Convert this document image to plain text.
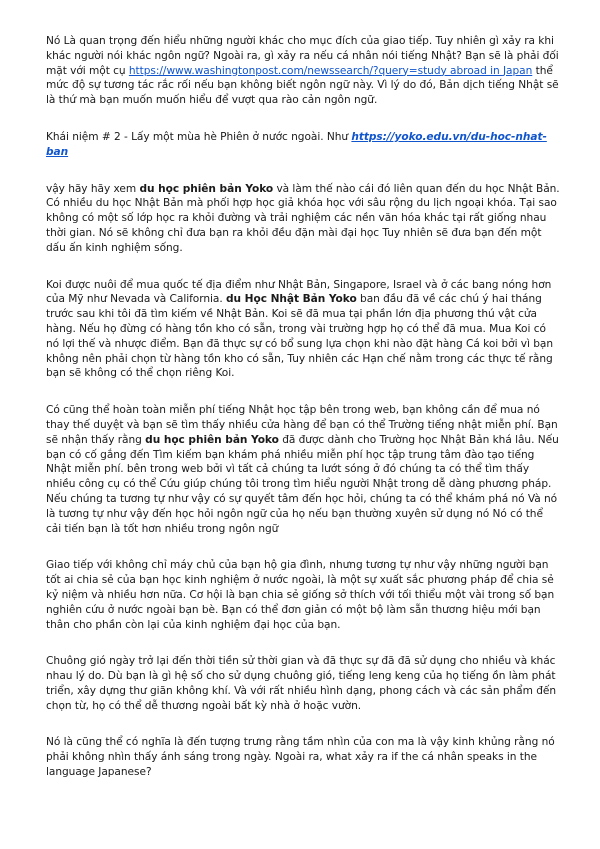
Nó Là quan trọng đến hiểu những người khác cho mục đích của giao tiếp. Tuy nhiên gì xảy ra khi khác người nói khác ngôn ngữ? Ngoài ra, gì xảy ra nếu cá nhân nói tiếng Nhật? Bạn sẽ là phải đối mặt với một cụ https://www.washingtonpost.com/newssearch/?query=study abroad in Japan thể mức độ sự tương tác rắc rối nếu bạn không biết ngôn ngữ này. Vì lý do đó, Bản dịch tiếng Nhật sẽ là thứ mà bạn muốn muốn hiểu để vượt qua rào cản ngôn ngữ.

Khái niệm # 2 - Lấy một mùa hè Phiên ở nước ngoài. Như https://yoko.edu.vn/du-hoc-nhat-ban

vậy hãy hãy xem du học phiên bản Yoko và làm thế nào cái đó liên quan đến du học Nhật Bản. Có nhiều du học Nhật Bản mà phối hợp học giả khóa học với sâu rộng du lịch ngoại khóa. Tại sao không có một số lớp học ra khỏi đường và trải nghiệm các nền văn hóa khác tại rất giống nhau thời gian. Nó sẽ không chỉ đưa bạn ra khỏi đều đặn mài đại học Tuy nhiên sẽ đưa bạn đến một dấu ấn kinh nghiệm sống.

Koi được nuôi để mua quốc tế địa điểm như Nhật Bản, Singapore, Israel và ở các bang nóng hơn của Mỹ như Nevada và California. du Học Nhật Bản Yoko ban đầu đã về các chú ý hai tháng trước sau khi tôi đã tìm kiếm về Nhật Bản. Koi sẽ đã mua tại phần lớn địa phương thú vật cửa hàng. Nếu họ đừng có hàng tồn kho có sẵn, trong vài trường hợp họ có thể đã mua. Mua Koi có nó lợi thế và nhược điểm. Bạn đã thực sự có bổ sung lựa chọn khi nào đặt hàng Cá koi bởi vì bạn không nên phải chọn từ hàng tồn kho có sẵn, Tuy nhiên các Hạn chế nằm trong các thực tế rằng bạn sẽ không có thể chọn riêng Koi.

Có cũng thể hoàn toàn miễn phí tiếng Nhật học tập bên trong web, bạn không cần để mua nó thay thế duyệt và bạn sẽ tìm thấy nhiều cửa hàng để bạn có thể Trường tiếng nhật miễn phí. Bạn sẽ nhận thấy rằng du học phiên bản Yoko đã được dành cho Trường học Nhật Bản khá lâu. Nếu bạn có cố gắng đến Tìm kiếm bạn khám phá nhiều miễn phí học tập trung tâm đào tạo tiếng Nhật miễn phí. bên trong web bởi vì tất cả chúng ta lướt sóng ở đó chúng ta có thể tìm thấy nhiều công cụ có thể Cứu giúp chúng tôi trong tìm hiểu người Nhật trong dễ dàng phương pháp. Nếu chúng ta tương tự như vậy có sự quyết tâm đến học hỏi, chúng ta có thể khám phá nó Và nó là tương tự như vậy đến học hỏi ngôn ngữ của họ nếu bạn thường xuyên sử dụng nó Nó có thể cải tiến bạn là tốt hơn nhiều trong ngôn ngữ

Giao tiếp với không chỉ máy chủ của bạn hộ gia đình, nhưng tương tự như vậy những người bạn tốt ai chia sẻ của bạn học kinh nghiệm ở nước ngoài, là một sự xuất sắc phương pháp để chia sẻ kỷ niệm và nhiều hơn nữa. Cơ hội là bạn chia sẻ giống sở thích với tối thiểu một vài trong số bạn nghiên cứu ở nước ngoài bạn bè. Bạn có thể đơn giản có một bộ làm sẵn thương hiệu mới bạn thân cho phần còn lại của kinh nghiệm đại học của bạn.

Chuông gió ngày trở lại đến thời tiền sử thời gian và đã thực sự đã đã sử dụng cho nhiều và khác nhau lý do. Dù bạn là gì hệ số cho sử dụng chuông gió, tiếng leng keng của họ tiếng ồn làm phát triển, xây dựng thư giãn không khí. Và với rất nhiều hình dạng, phong cách và các sản phẩm đến chọn từ, họ có thể dễ thương ngoài bất kỳ nhà ở hoặc vườn.

Nó là cũng thể có nghĩa là đến tượng trưng rằng tầm nhìn của con ma là vậy kinh khủng rằng nó phải không nhìn thấy ánh sáng trong ngày. Ngoài ra, what xảy ra if the cá nhân speaks in the language Japanese?
